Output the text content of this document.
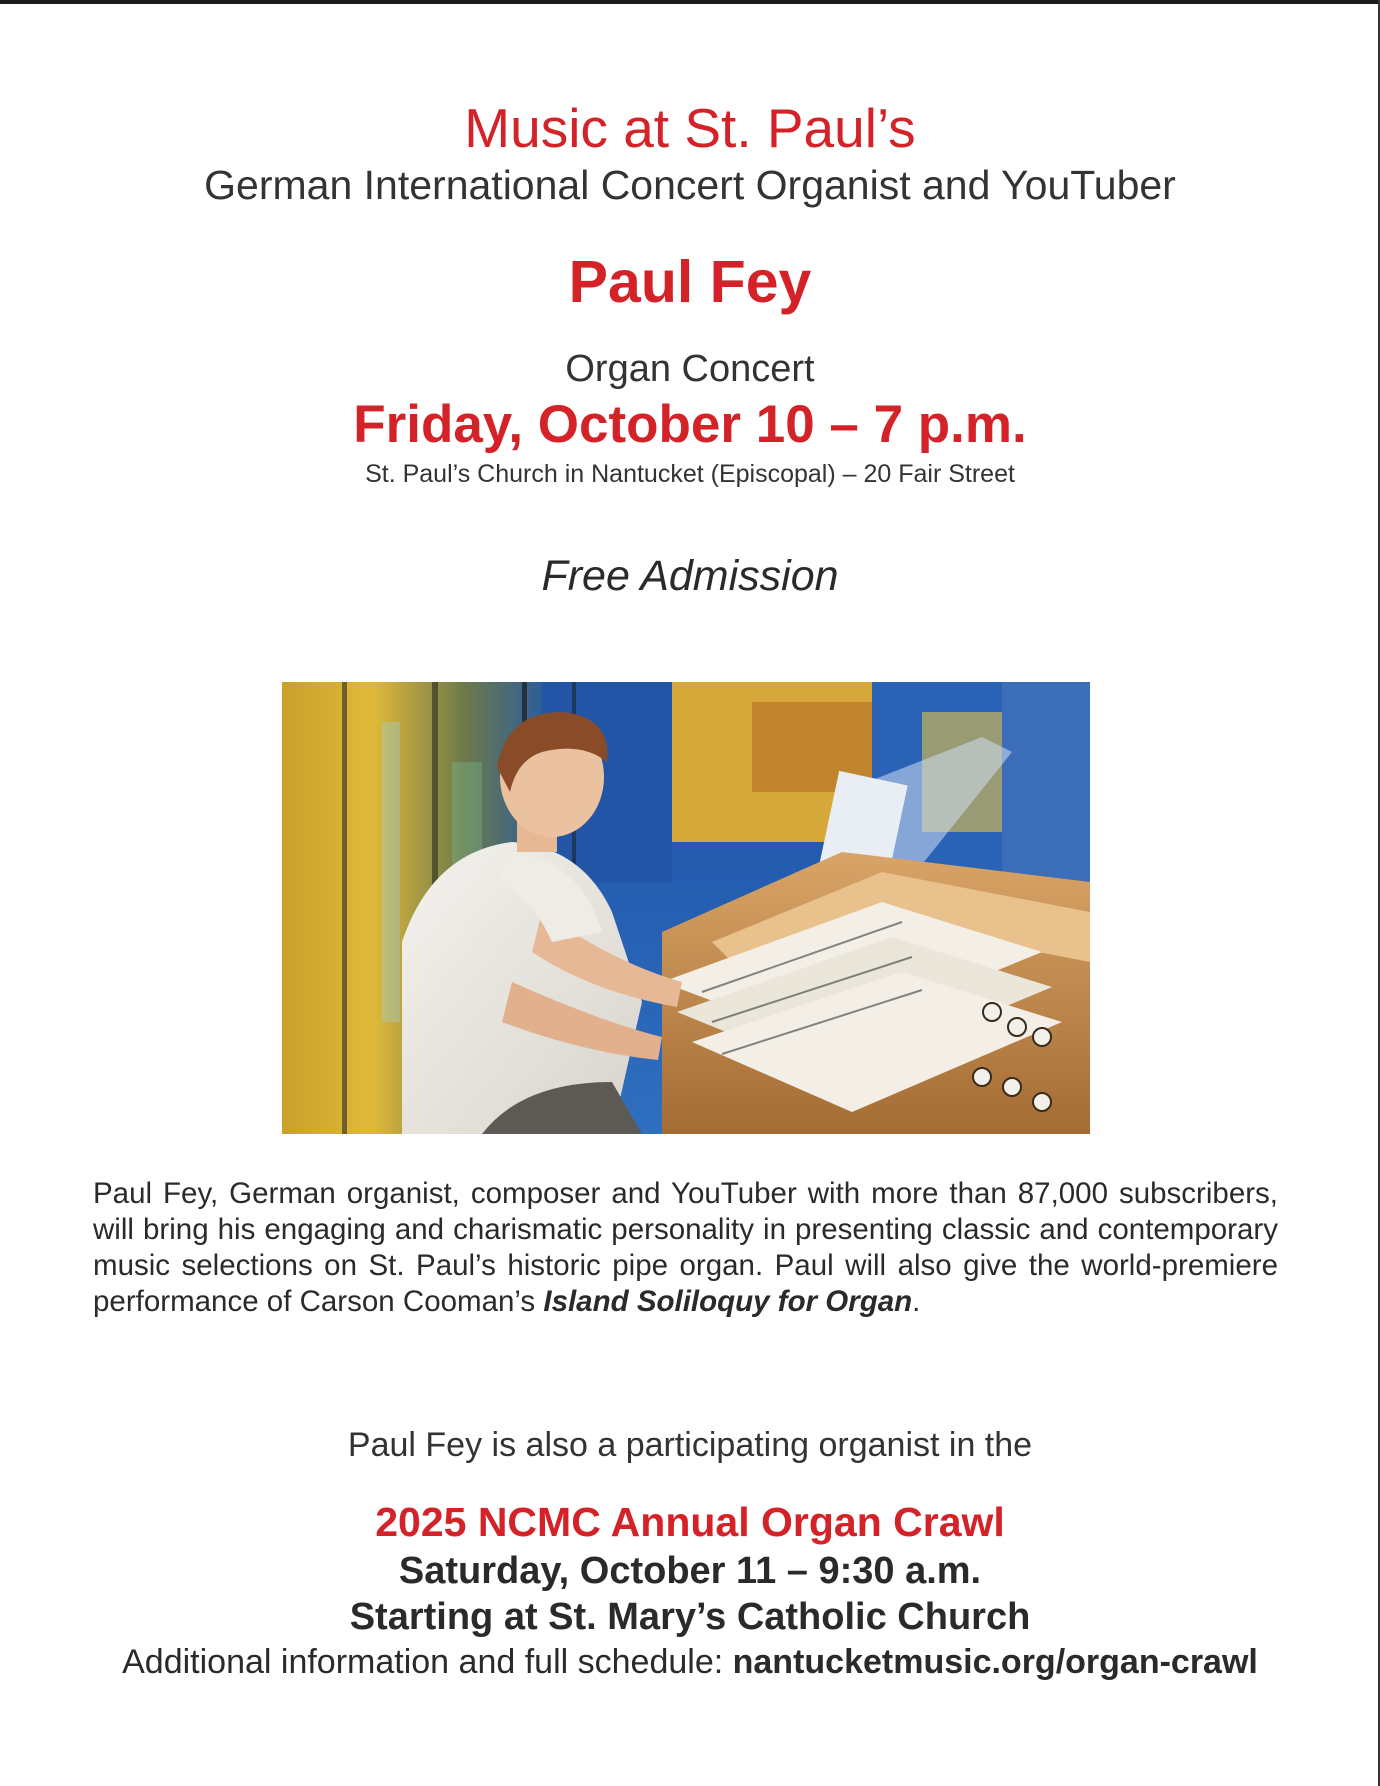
Music at St. Paul’s
German International Concert Organist and YouTuber
Paul Fey
Organ Concert
Friday, October 10 – 7 p.m.
St. Paul’s Church in Nantucket (Episcopal) – 20 Fair Street
Free Admission
Paul Fey, German organist, composer and YouTuber with more than 87,000 subscribers, will bring his engaging and charismatic personality in presenting classic and contemporary music selections on St. Paul’s historic pipe organ. Paul will also give the world-premiere performance of Carson Cooman’s Island Soliloquy for Organ.
Paul Fey is also a participating organist in the
2025 NCMC Annual Organ Crawl
Saturday, October 11 – 9:30 a.m.
Starting at St. Mary’s Catholic Church
Additional information and full schedule: nantucketmusic.org/organ-crawl
